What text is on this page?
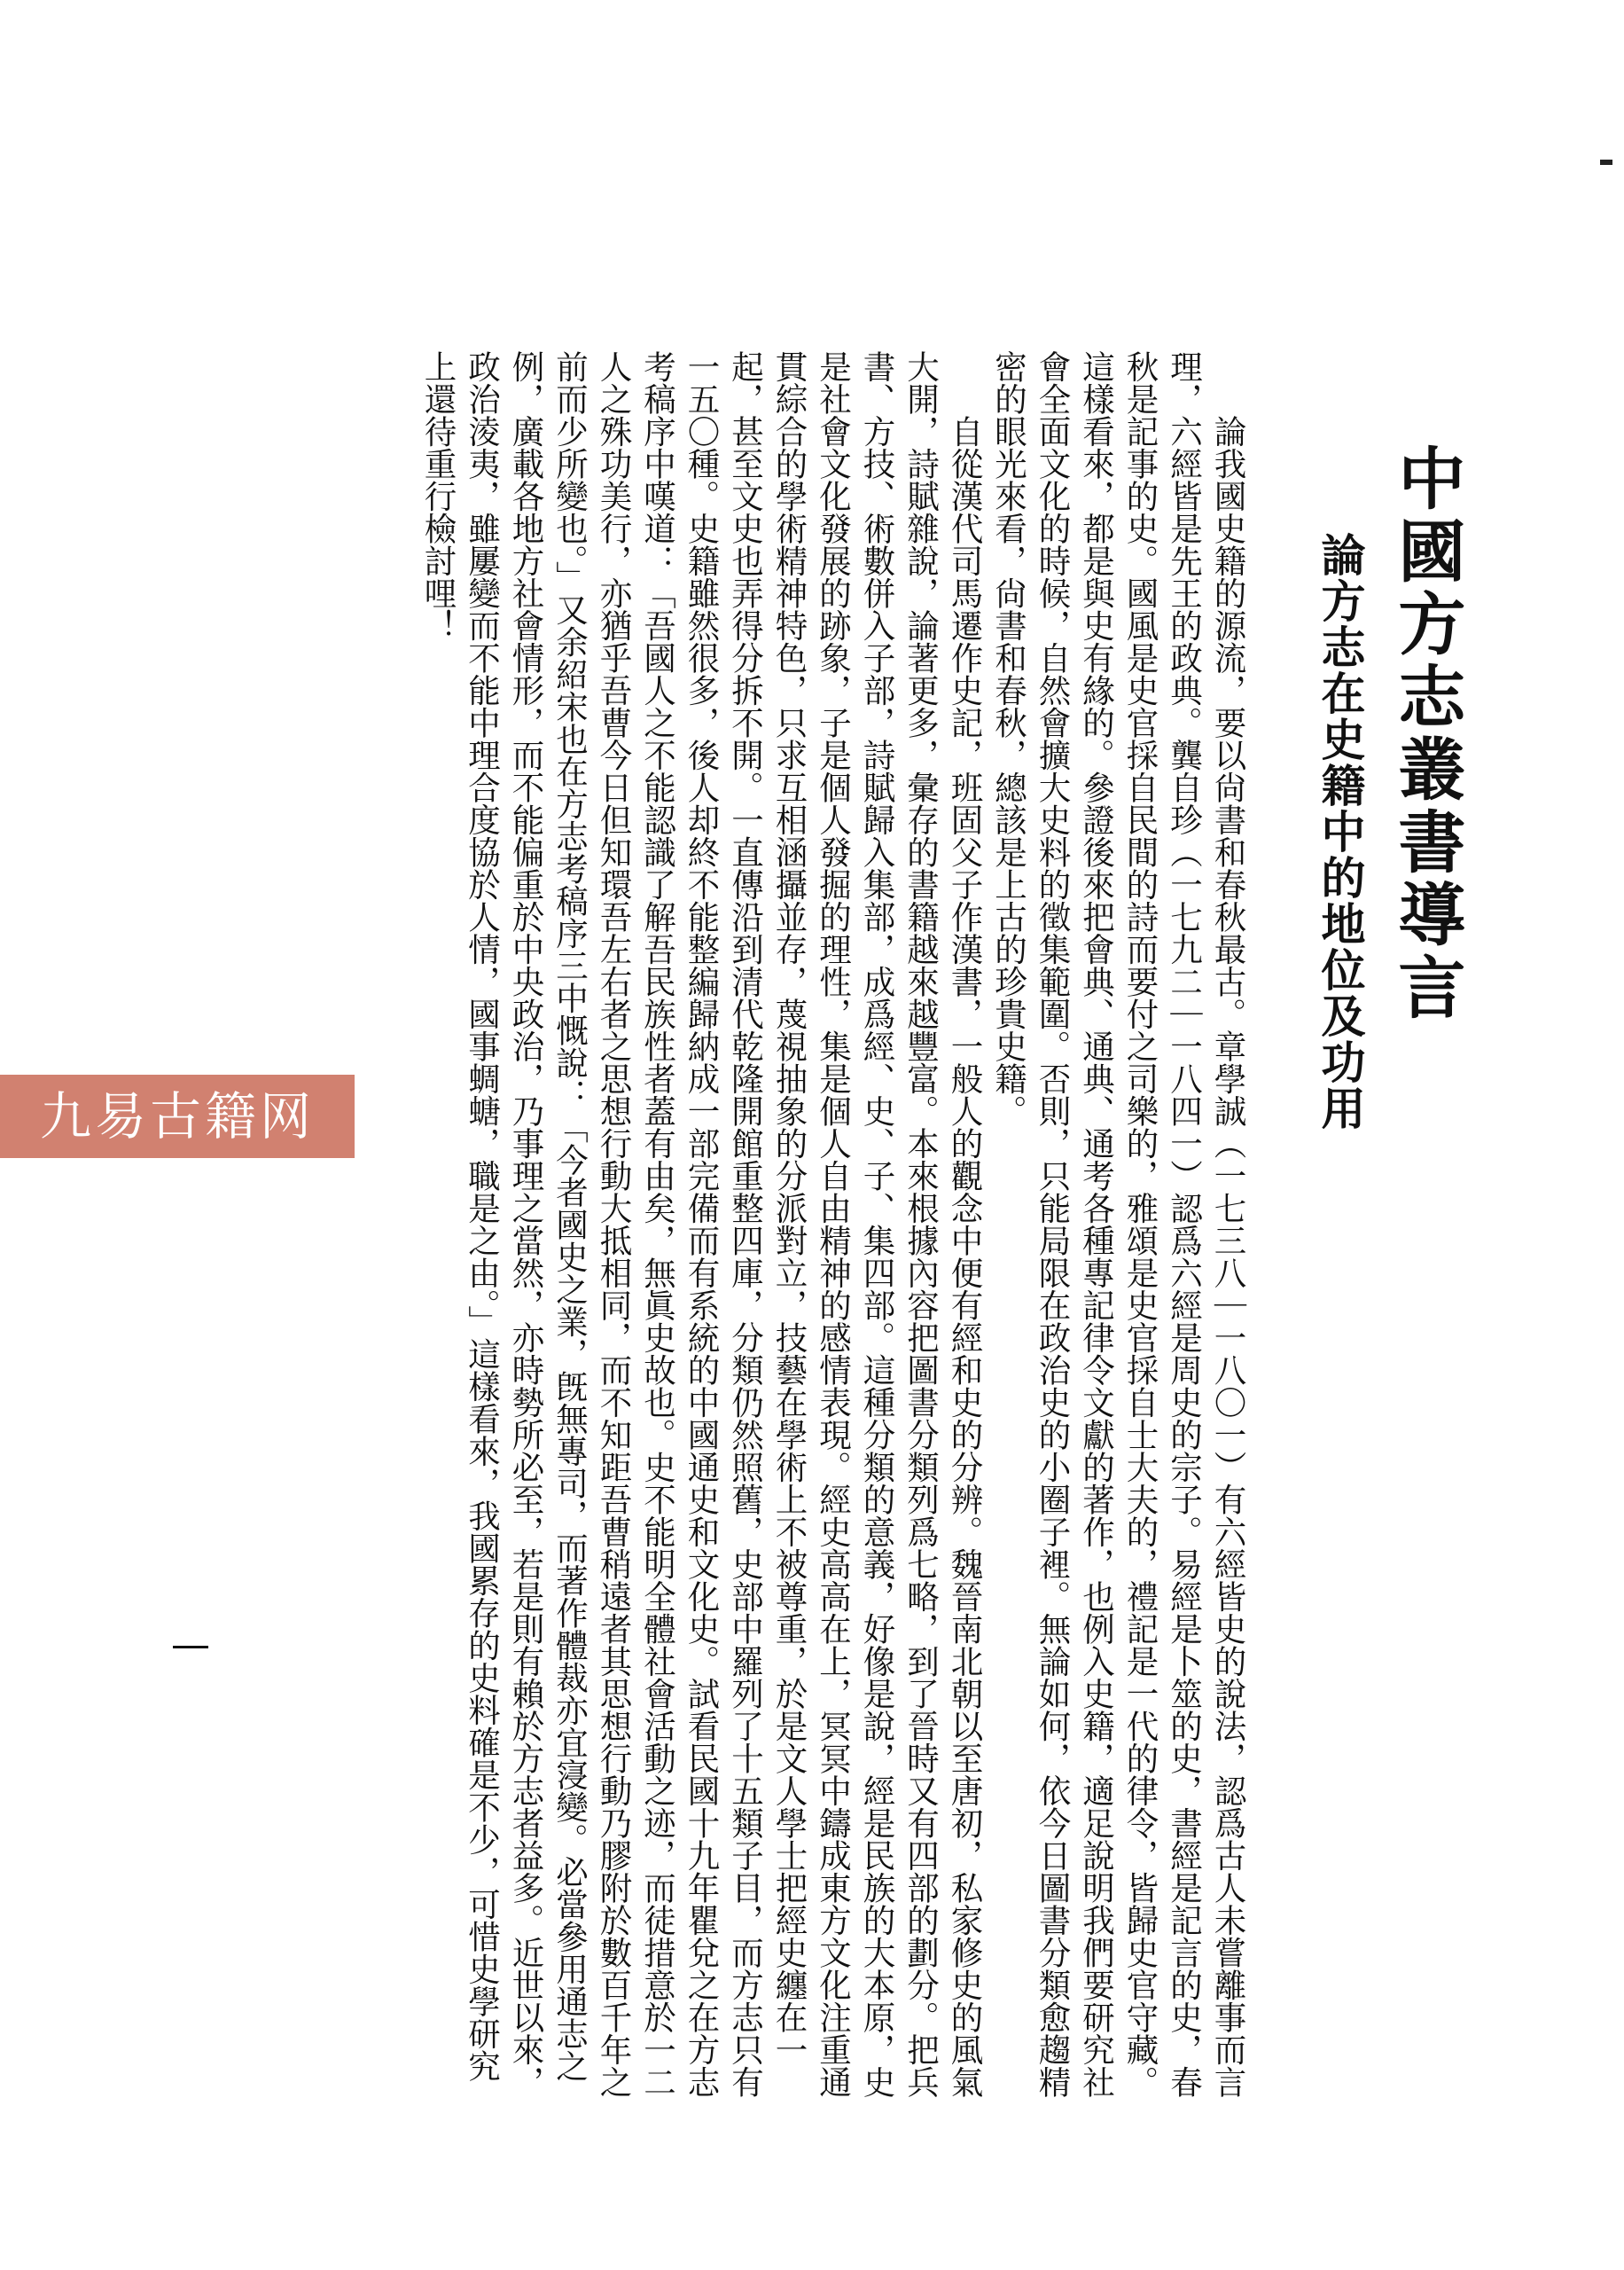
中國方志叢書導言
論方志在史籍中的地位及功用

論我國史籍的源流，要以尙書和春秋最古。章學誠（一七三八｜一八〇一）有六經皆史的說法，認爲古人未嘗離事而言理，六經皆是先王的政典。龔自珍（一七九二｜一八四一）認爲六經是周史的宗子。易經是卜筮的史，書經是記言的史，春秋是記事的史。國風是史官採自民間的詩而要付之司樂的，雅頌是史官採自士大夫的，禮記是一代的律令，皆歸史官守藏。這樣看來，都是與史有緣的。參證後來把會典、通典、通考各種專記律令文獻的著作，也例入史籍，適足說明我們要研究社會全面文化的時候，自然會擴大史料的徵集範圍。否則，只能局限在政治史的小圈子裡。無論如何，依今日圖書分類愈趨精密的眼光來看，尙書和春秋，總該是上古的珍貴史籍。

自從漢代司馬遷作史記，班固父子作漢書，一般人的觀念中便有經和史的分辨。魏晉南北朝以至唐初，私家修史的風氣大開，詩賦雜說，論著更多，彙存的書籍越來越豐富。本來根據內容把圖書分類列爲七略，到了晉時又有四部的劃分。把兵書、方技、術數併入子部，詩賦歸入集部，成爲經、史、子、集四部。這種分類的意義，好像是說，經是民族的大本原，史是社會文化發展的跡象，子是個人發掘的理性，集是個人自由精神的感情表現。經史高高在上，冥冥中鑄成東方文化注重通貫綜合的學術精神特色，只求互相涵攝並存，蔑視抽象的分派對立，技藝在學術上不被尊重，於是文人學士把經史纏在一起，甚至文史也弄得分拆不開。一直傳沿到清代乾隆開館重整四庫，分類仍然照舊，史部中羅列了十五類子目，而方志只有一五〇種。史籍雖然很多，後人却終不能整編歸納成一部完備而有系統的中國通史和文化史。試看民國十九年瞿兌之在方志考稿序中嘆道：「吾國人之不能認識了解吾民族性者蓋有由矣，無眞史故也。史不能明全體社會活動之迹，而徒措意於一二人之殊功美行，亦猶乎吾曹今日但知環吾左右者之思想行動大抵相同，而不知距吾曹稍遠者其思想行動乃膠附於數百千年之前而少所變也。」又余紹宋也在方志考稿序三中慨說：「今者國史之業，旣無專司，而著作體裁亦宜寖變。必當參用通志之例，廣載各地方社會情形，而不能偏重於中央政治，乃事理之當然，亦時勢所必至，若是則有賴於方志者益多。近世以來，政治淩夷，雖屢變而不能中理合度協於人情，國事蜩螗，職是之由。」這樣看來，我國累存的史料確是不少，可惜史學研究上還待重行檢討哩！

九易古籍网
